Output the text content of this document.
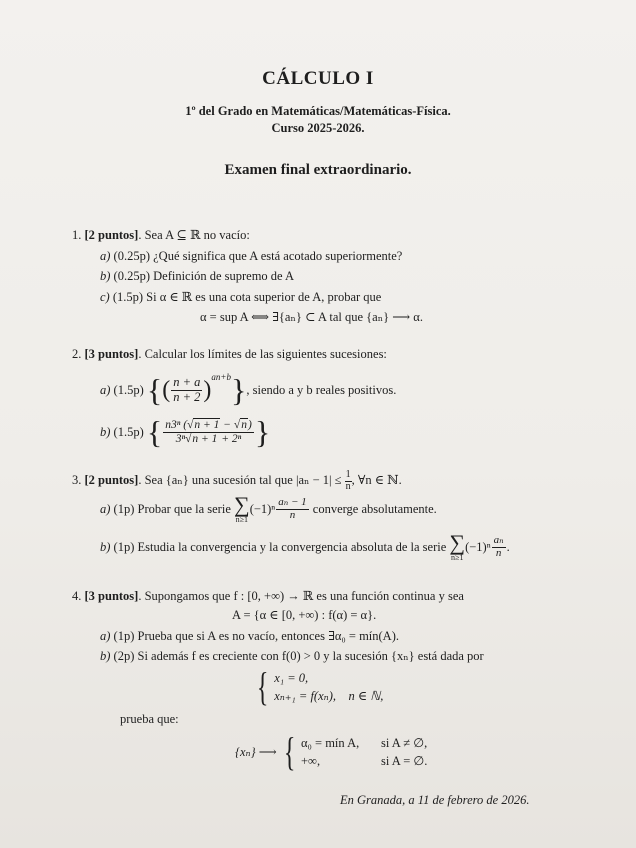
CÁLCULO I
1º del Grado en Matemáticas/Matemáticas-Física.
Curso 2025-2026.
Examen final extraordinario.
1. [2 puntos]. Sea A ⊆ ℝ no vacío:
a) (0.25p) ¿Qué significa que A está acotado superiormente?
b) (0.25p) Definición de supremo de A
c) (1.5p) Si α ∈ ℝ es una cota superior de A, probar que
α = sup A ⟺ ∃{aₙ} ⊂ A tal que {aₙ} ⟶ α.
2. [3 puntos]. Calcular los límites de las siguientes sucesiones:
a)
(1.5p)
{ ( $\frac{n + a}{n + 2} )^{an+b}$ } , siendo a y b reales positivos.
b)
(1.5p)
{ $\frac{\text{n3ⁿ (√n + 1 − √n)}}{\text{3ⁿ√n + 1 + 2ⁿ}}$ }
3. [2 puntos]. Sea {aₙ} una sucesión tal que $|a_n - 1| \le \frac{1}{n}$ , ∀n ∈ ℕ.
a)
(1p) Probar que la serie
∑
n≥1
$(-1)^n \frac{\text{aₙ − 1}}{n}$
converge absolutamente.
b)
(1p) Estudia la convergencia y la convergencia absoluta de la serie
∑
n≥1
$(-1)^n \frac{\text{aₙ}}{n}$ .
4. [3 puntos]. Supongamos que f : [0, +∞) → ℝ es una función continua y sea
A = {α ∈ [0, +∞) : f(α) = α}.
a) (1p) Prueba que si A es no vacío, entonces ∃α₀ = mín(A).
b) (2p) Si además f es creciente con f(0) > 0 y la sucesión {xₙ} está dada por
{ x₁ = 0,
xₙ₊₁ = f(xₙ),    n ∈ ℕ,
prueba que:
{xₙ} ⟶
{ α₀ = mín A, si A ≠ ∅,
+∞,	si A = ∅.
En Granada, a 11 de febrero de 2026.
